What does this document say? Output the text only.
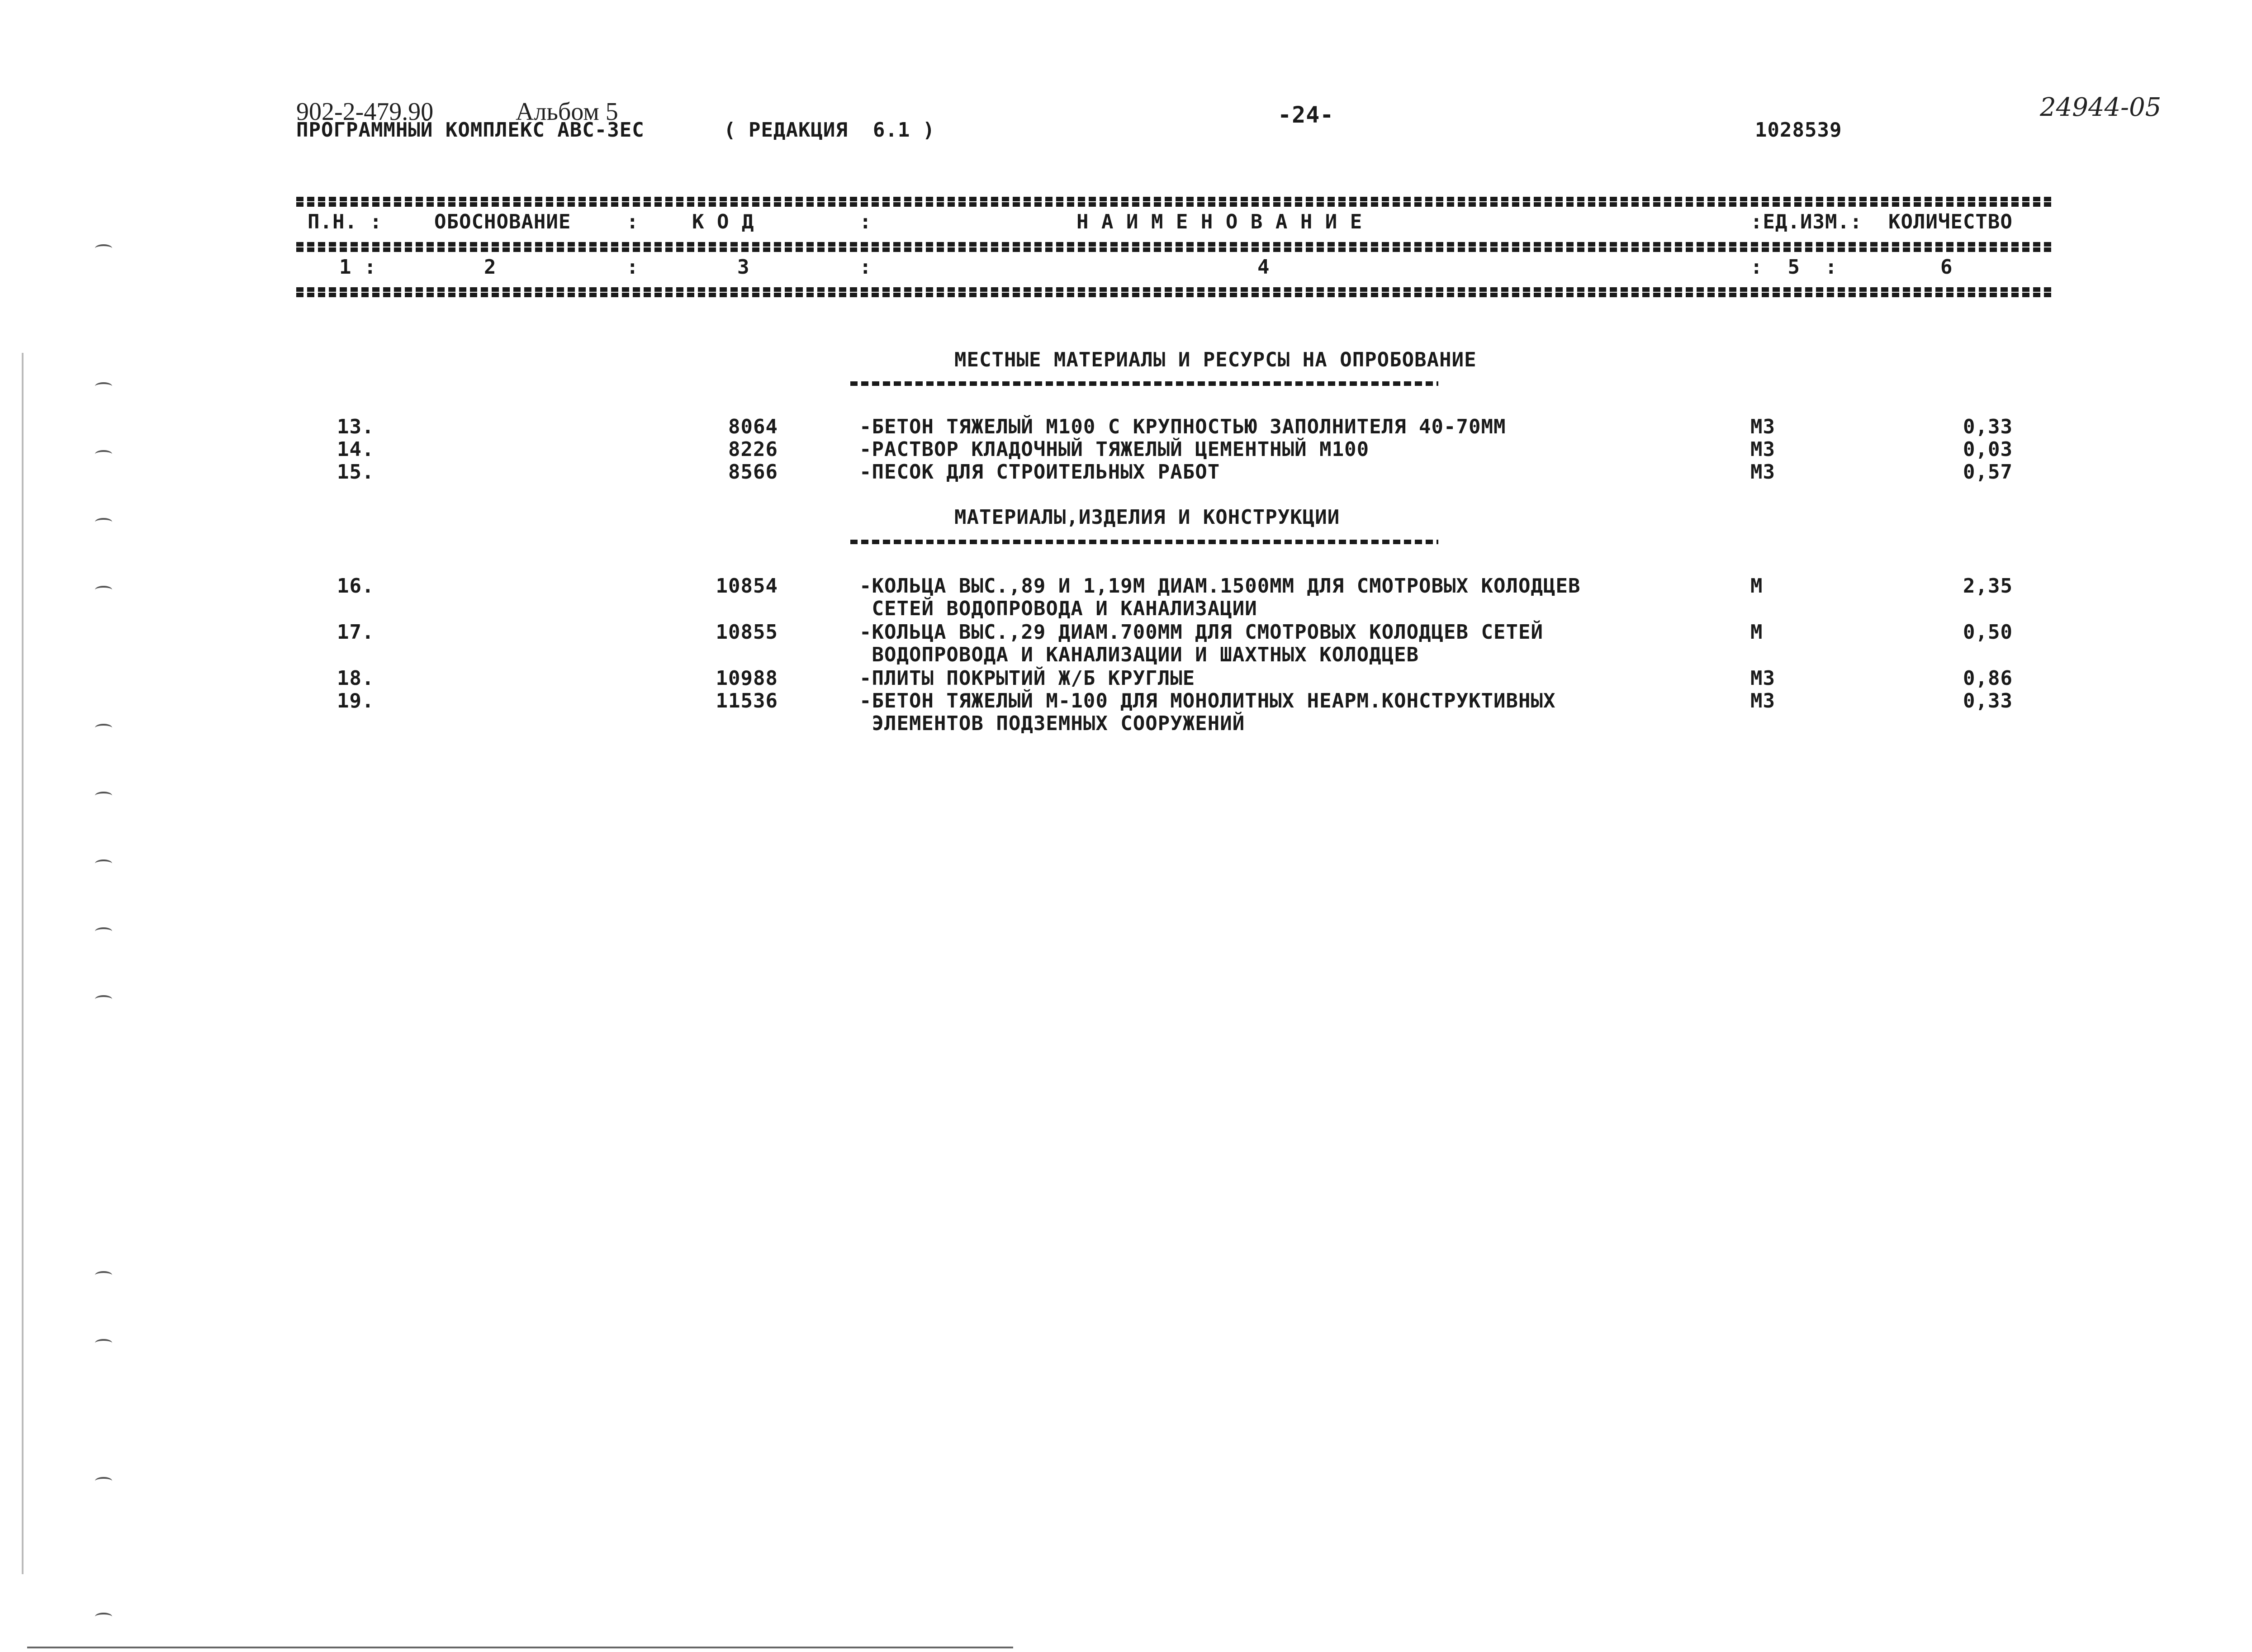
902-2-479.90	Альбом 5
ПРОГРАММНЫЙ КОМПЛЕКС АВС-3ЕС	( РЕДАКЦИЯ  6.1 )
-24-
1028539
24944-05
П.Н. :	ОБОСНОВАНИЕ	:	К О Д	:	Н А И М Е Н О В А Н И Е	:ЕД.ИЗМ.: КОЛИЧЕСТВО
1 :	2	:	3	:	4	:  5  :	6
МЕСТНЫЕ МАТЕРИАЛЫ И РЕСУРСЫ НА ОПРОБОВАНИЕ
13.	8064	-БЕТОН ТЯЖЕЛЫЙ М100 С КРУПНОСТЬЮ ЗАПОЛНИТЕЛЯ 40-70ММ	М3	0,33
14.	8226	-РАСТВОР КЛАДОЧНЫЙ ТЯЖЕЛЫЙ ЦЕМЕНТНЫЙ М100	М3	0,03
15.	8566	-ПЕСОК ДЛЯ СТРОИТЕЛЬНЫХ РАБОТ	М3	0,57
МАТЕРИАЛЫ,ИЗДЕЛИЯ И КОНСТРУКЦИИ
16.	10854	-КОЛЬЦА ВЫС.,89 И 1,19М ДИАМ.1500ММ ДЛЯ СМОТРОВЫХ КОЛОДЦЕВ
СЕТЕЙ ВОДОПРОВОДА И КАНАЛИЗАЦИИ
М	2,35
17.	10855	-КОЛЬЦА ВЫС.,29 ДИАМ.700ММ ДЛЯ СМОТРОВЫХ КОЛОДЦЕВ СЕТЕЙ
ВОДОПРОВОДА И КАНАЛИЗАЦИИ И ШАХТНЫХ КОЛОДЦЕВ
М	0,50
18.	10988	-ПЛИТЫ ПОКРЫТИЙ Ж/Б КРУГЛЫЕ	М3	0,86
19.	11536	-БЕТОН ТЯЖЕЛЫЙ М-100 ДЛЯ МОНОЛИТНЫХ НЕАРМ.КОНСТРУКТИВНЫХ
ЭЛЕМЕНТОВ ПОДЗЕМНЫХ СООРУЖЕНИЙ
М3	0,33
